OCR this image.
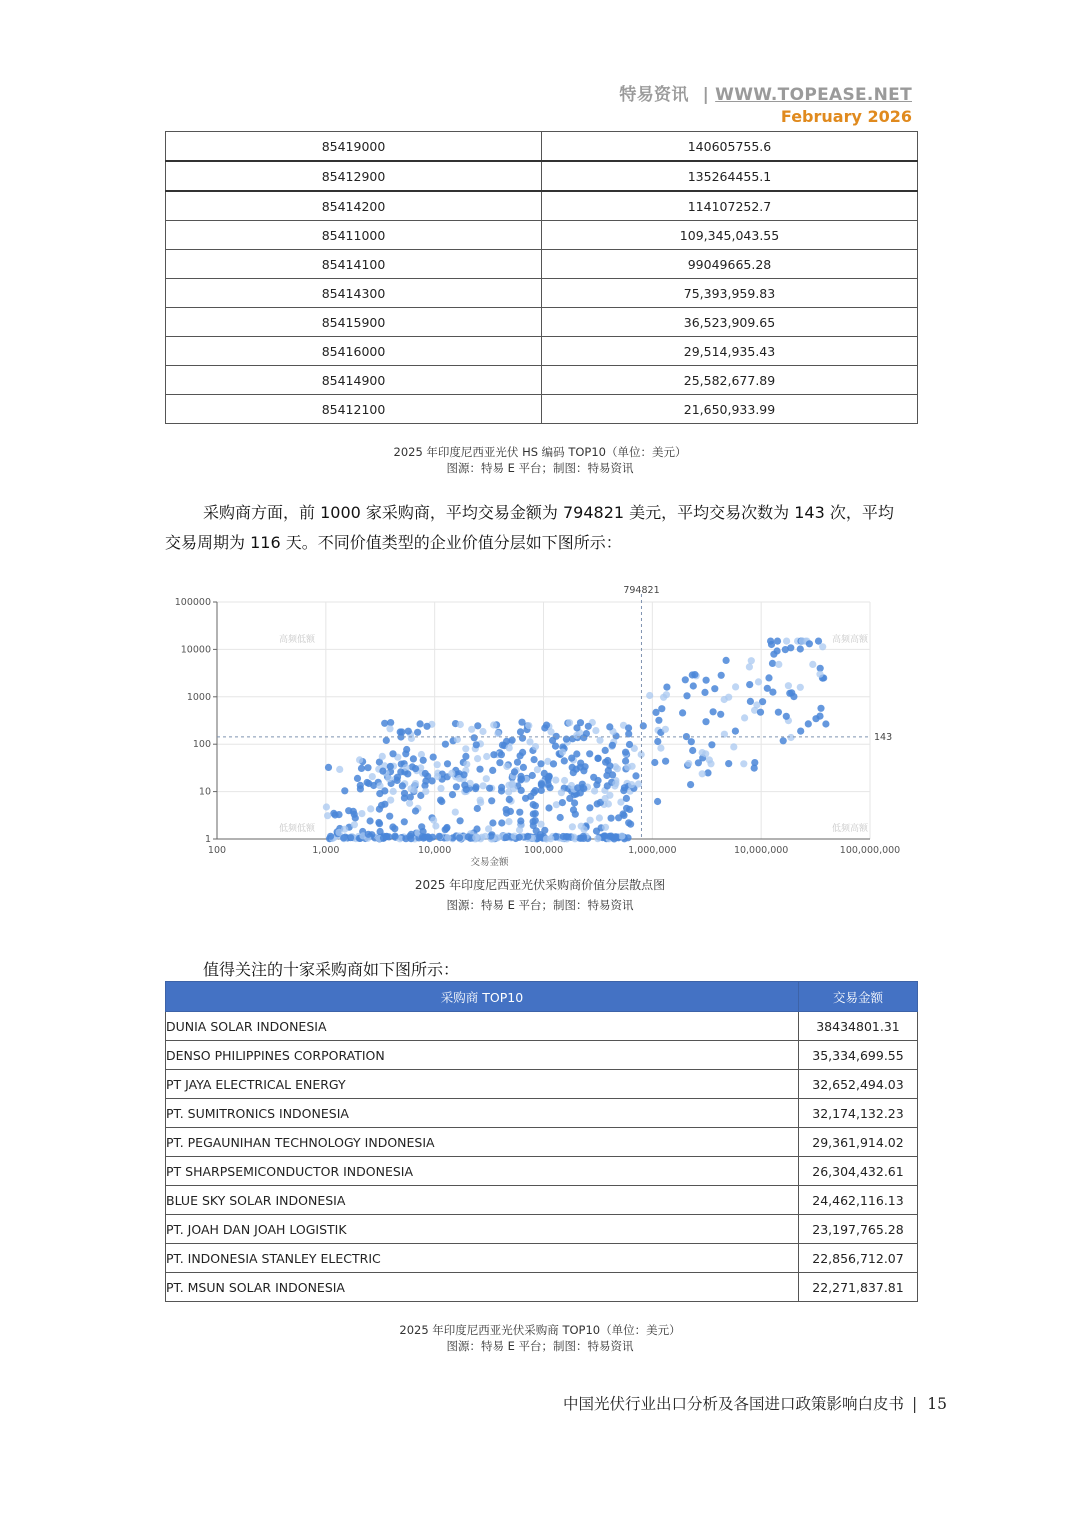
特易资讯 | WWW.TOPEASE.NET
February 2026
85419000	140605755.6
85412900	135264455.1
85414200	114107252.7
85411000	109,345,043.55
85414100	99049665.28
85414300	75,393,959.83
85415900	36,523,909.65
85416000	29,514,935.43
85414900	25,582,677.89
85412100	21,650,933.99
2025 年印度尼西亚光伏 HS 编码 TOP10（单位：美元）
图源：特易 E 平台；制图：特易资讯
采购商方面，前 1000 家采购商，平均交易金额为 794821 美元，平均交易次数为 143 次，平均
交易周期为 116 天。不同价值类型的企业价值分层如下图所示：
100	1,000	10,000	100,000	1,000,000	10,000,000	100,000,000
1
10
100
1000
10000
100000
交易金额
794821
143
高频低额	高频高额
低频低额	低频高额
2025 年印度尼西亚光伏采购商价值分层散点图
图源：特易 E 平台；制图：特易资讯
值得关注的十家采购商如下图所示：
采购商 TOP10	交易金额
DUNIA SOLAR INDONESIA	38434801.31
DENSO PHILIPPINES CORPORATION	35,334,699.55
PT JAYA ELECTRICAL ENERGY	32,652,494.03
PT. SUMITRONICS INDONESIA	32,174,132.23
PT. PEGAUNIHAN TECHNOLOGY INDONESIA	29,361,914.02
PT SHARPSEMICONDUCTOR INDONESIA	26,304,432.61
BLUE SKY SOLAR INDONESIA	24,462,116.13
PT. JOAH DAN JOAH LOGISTIK	23,197,765.28
PT. INDONESIA STANLEY ELECTRIC	22,856,712.07
PT. MSUN SOLAR INDONESIA	22,271,837.81
2025 年印度尼西亚光伏采购商 TOP10（单位：美元）
图源：特易 E 平台；制图：特易资讯
中国光伏行业出口分析及各国进口政策影响白皮书 | 15
